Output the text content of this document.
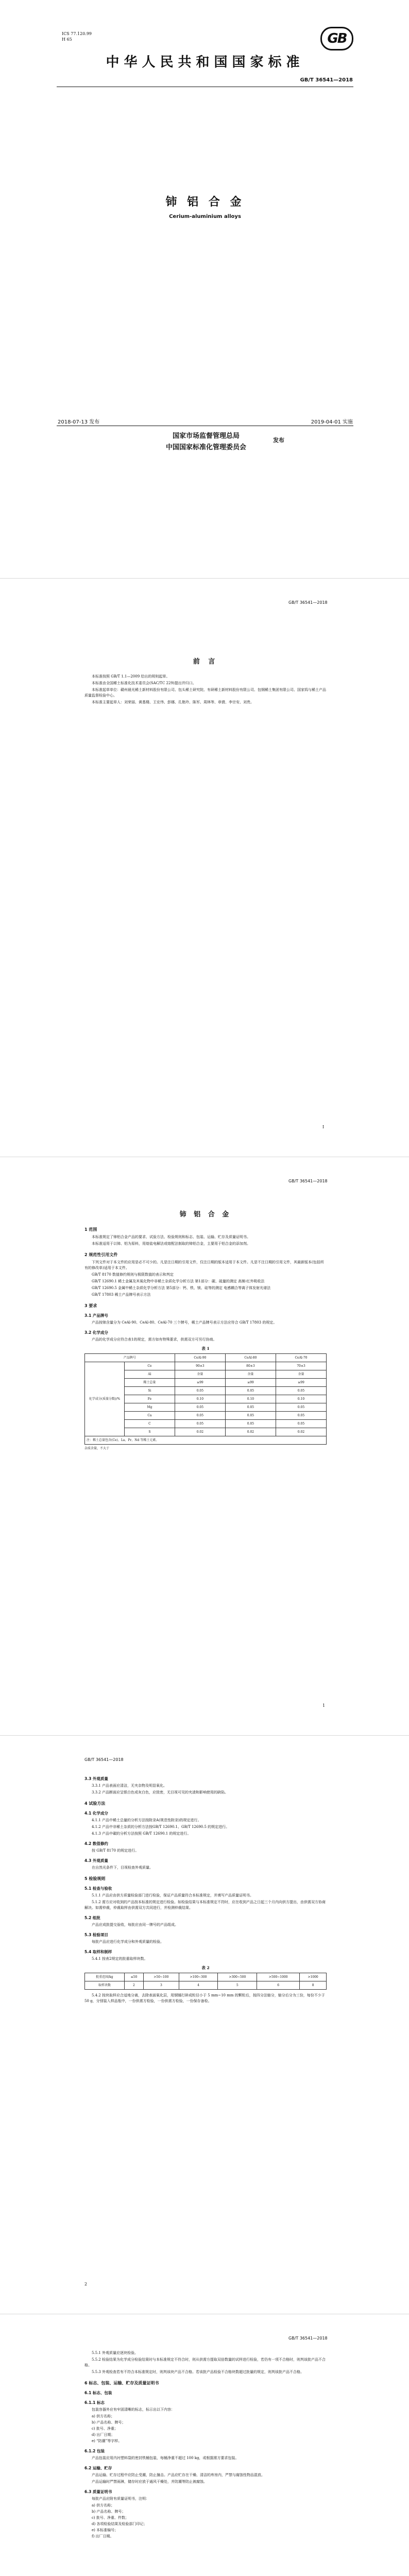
ICS 77.120.99
H 65	GB
中华人民共和国国家标准
GB/T 36541—2018
铈 铝 合 金
Cerium-aluminium alloys
2018-07-13 发布	2019-04-01 实施
国家市场监督管理总局
中国国家标准化管理委员会
发布
GB/T 36541—2018
前 言

本标准按照 GB/T 1.1—2009 给出的规则起草。

本标准由全国稀土标准化技术委员会(SAC/TC 229)提出并归口。

本标准起草单位：赣州晨光稀土新材料股份有限公司、包头稀土研究院、有研稀土新材料股份有限公司、包钢稀土集团有限公司、国家钨与稀土产品质量监督检验中心。

本标准主要起草人：刘荣丽、黄基楼、王宏伟、彭娜、孔艳玲、陈军、周林等、章倩、李宗安、刘贵。

I
GB/T 36541—2018
铈 铝 合 金
1 范围

本标准规定了铈铝合金产品的要求、试验方法、检验规则和标志、包装、运输、贮存及质量证明书。

本标准适用于以铈、铝为原料，用熔盐电解法或熔配法制取的铈铝合金，主要用于铝合金的添加剂。

2 规范性引用文件

下列文件对于本文件的应用是必不可少的。凡是注日期的引用文件，仅注日期的版本适用于本文件。凡是不注日期的引用文件，其最新版本(包括所有的修改单)适用于本文件。

GB/T 8170 数值修约规则与极限数值的表示和判定

GB/T 12690.1 稀土金属及其氧化物中非稀土杂质化学分析方法 第1部分：碳、硫量的测定 高频-红外吸收法

GB/T 12690.5 金属中稀土杂质化学分析方法 第5部分：钙、铁、镁、硅等的测定 电感耦合等离子体发射光谱法

GB/T 17803 稀土产品牌号表示方法

3 要求
3.1 产品牌号

产品按铈含量分为 CeAl-90、CeAl-80、CeAl-70 三个牌号，稀土产品牌号表示方法应符合 GB/T 17803 的规定。

3.2 化学成分

产品的化学成分应符合表1的规定，需方如有特殊要求，供需双方可另行协商。

表 1
产品牌号		CeAl-90	CeAl-80	CeAl-70
化学成分(质量分数)/%	Ce	90±3	80±3	70±3
	Al	余量	余量	余量
	稀土总量	≥99	≥99	≥99
	Si	0.05	0.05	0.05
	Fe	0.10	0.10	0.10
	Mg	0.05	0.05	0.05
	Ca	0.05	0.05	0.05
	C	0.05	0.05	0.05
	S	0.02	0.02	0.02
注：稀土总量包含(Ce)、La、Pr、Nd 等稀土元素。				
杂质含量，不大于
1
GB/T 36541—2018
3.3 外观质量

3.3.1 产品表面应清洁，无夹杂物及明显氧化。

3.3.2 产品断面应呈银白色或灰白色，应致密，无目视可见的夹渣和影响使用的缺陷。

4 试验方法
4.1 化学成分

4.1.1 产品中稀土总量的分析方法按附录A(规范性附录)的规定进行。

4.1.2 产品中非稀土杂质的分析方法按GB/T 12690.1、GB/T 12690.5 的规定进行。

4.1.3 产品中碳的分析方法按照 GB/T 12690.1 的规定进行。

4.2 数值修约

按 GB/T 8170 的规定进行。

4.3 外观质量

在自然光条件下，目视检查外观质量。

5 检验规则
5.1 检查与验收

5.1.1 产品应由供方质量检验部门进行检验，保证产品质量符合本标准规定，并填写产品质量证明书。

5.1.2 需方应对收到的产品按本标准的规定进行检验。如检验结果与本标准规定不符时，应在收到产品之日起三个月内向供方提出，由供需双方协商解决。如需仲裁，仲裁取样由供需双方共同进行，并检测仲裁结果。

5.2 组批

产品应成批提交验收，每批应由同一牌号的产品组成。

5.3 检验项目

每批产品应进行化学成分和外观质量的检验。

5.4 取样和制样

5.4.1 按表2规定的批重取样块数。

表 2
批重范围/kg	≤50	>50~100	>100~300	>300~500	>500~1000	>1000
取样块数	2	3	4	5	6	8

5.4.2 按块取样应合适地分离，去除表面氧化层，用钢锤打碎成粒径小于 5 mm~10 mm 的颗粒后，按四分法缩分，缩分后分为三份，每份不少于 50 g，分别装入样品瓶中，一份供需方检验，一份供需方检验，一份保存备检。

2
GB/T 36541—2018

5.5.1 外观质量应逐块检验。

5.5.2 检验结果为化学成分检验结果时与本标准规定不符合时，则从供需方提取双倍数量的试样进行检验，若仍有一项不合格时，则判该批产品不合格。

5.5.3 外观检查若有不符合本标准规定时，则判该块产品不合格。若该批产品检验不合格块数超过批量的规定，则判该批产品不合格。

6 标志、包装、运输、贮存及质量证明书
6.1 标志、包装
6.1.1 标志

包装容器外应有牢固清晰的标志，标示出以下内容：

a) 供方名称；
b) 产品名称、牌号；
c) 批号、净重；
d) 出厂日期；
e) “防潮”等字样。
6.1.2 包装

产品包装应用内衬塑料袋的密封铁桶包装，每桶净重不超过 100 kg，或根据需方要求包装。

6.2 运输、贮存

产品运输、贮存过程中应防止受潮，防止撞击。产品应贮存在干燥、清洁的库房内，严禁与腐蚀性物品混放。

产品运输时严禁雨淋，储存时应放于通风干燥处，并防潮等防止被腐蚀。

6.3 质量证明书

每批产品应附有质量证明书，注明：

a) 供方名称；
b) 产品名称、牌号；
c) 批号、净重、件数；
d) 各项检验结果及检验部门印记；
e) 本标准编号；
f) 出厂日期。
